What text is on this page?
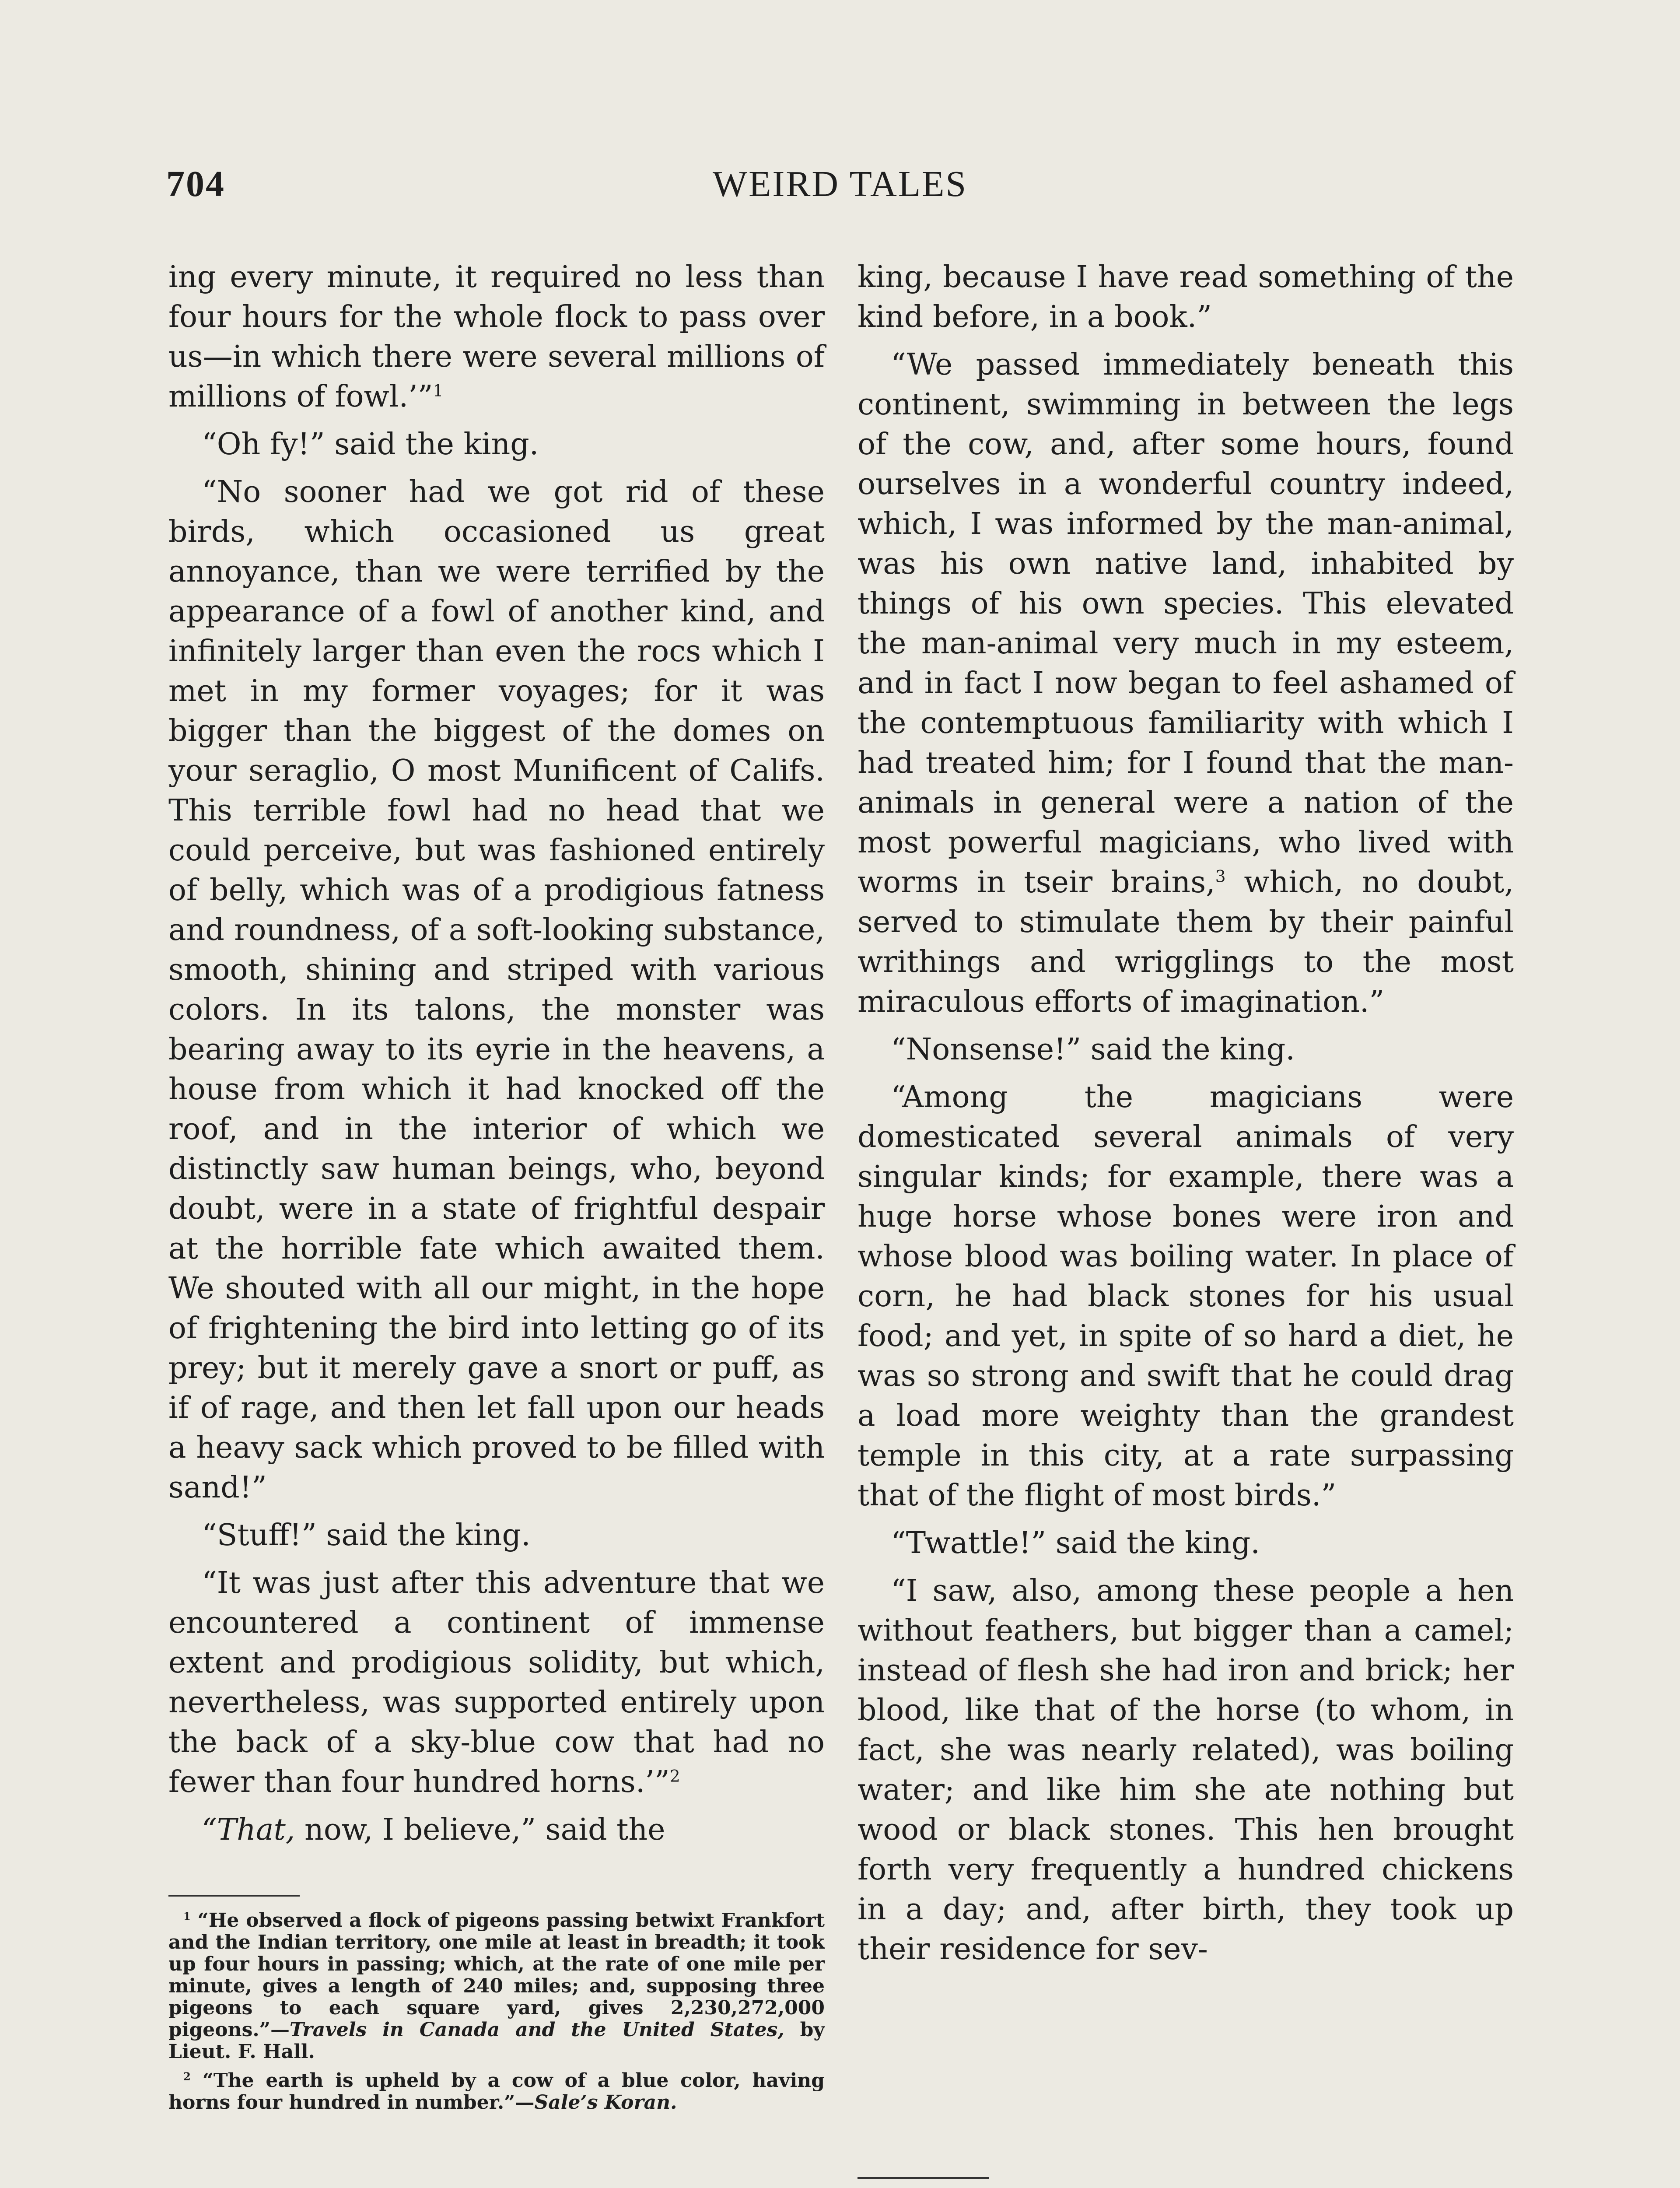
704	WEIRD TALES

ing every minute, it required no less than four hours for the whole flock to pass over us—in which there were several millions of millions of fowl.’”$^1$

“Oh fy!” said the king.

“No sooner had we got rid of these birds, which occasioned us great annoyance, than we were terrified by the appearance of a fowl of another kind, and infinitely larger than even the rocs which I met in my former voyages; for it was bigger than the biggest of the domes on your seraglio, O most Munificent of Califs. This terrible fowl had no head that we could perceive, but was fashioned entirely of belly, which was of a prodigious fatness and roundness, of a soft-looking substance, smooth, shining and striped with various colors. In its talons, the monster was bearing away to its eyrie in the heavens, a house from which it had knocked off the roof, and in the interior of which we distinctly saw human beings, who, beyond doubt, were in a state of frightful despair at the horrible fate which awaited them. We shouted with all our might, in the hope of frightening the bird into letting go of its prey; but it merely gave a snort or puff, as if of rage, and then let fall upon our heads a heavy sack which proved to be filled with sand!”

“Stuff!” said the king.

“It was just after this adventure that we encountered a continent of immense extent and prodigious solidity, but which, nevertheless, was supported entirely upon the back of a sky-blue cow that had no fewer than four hundred horns.’”$^2$

“That, now, I believe,” said the

king, because I have read something of the kind before, in a book.”

“We passed immediately beneath this continent, swimming in between the legs of the cow, and, after some hours, found ourselves in a wonderful country indeed, which, I was informed by the man-animal, was his own native land, inhabited by things of his own species. This elevated the man-animal very much in my esteem, and in fact I now began to feel ashamed of the contemptuous familiarity with which I had treated him; for I found that the man-animals in general were a nation of the most powerful magicians, who lived with worms in tseir brains,$^3$ which, no doubt, served to stimulate them by their painful writhings and wrigglings to the most miraculous efforts of imagination.”

“Nonsense!” said the king.

“Among the magicians were domesticated several animals of very singular kinds; for example, there was a huge horse whose bones were iron and whose blood was boiling water. In place of corn, he had black stones for his usual food; and yet, in spite of so hard a diet, he was so strong and swift that he could drag a load more weighty than the grandest temple in this city, at a rate surpassing that of the flight of most birds.”

“Twattle!” said the king.

“I saw, also, among these people a hen without feathers, but bigger than a camel; instead of flesh she had iron and brick; her blood, like that of the horse (to whom, in fact, she was nearly related), was boiling water; and like him she ate nothing but wood or black stones. This hen brought forth very frequently a hundred chickens in a day; and, after birth, they took up their residence for sev-

$^1$ “He observed a flock of pigeons passing betwixt Frankfort and the Indian territory, one mile at least in breadth; it took up four hours in passing; which, at the rate of one mile per minute, gives a length of 240 miles; and, supposing three pigeons to each square yard, gives 2,230,272,000 pigeons.”—Travels in Canada and the United States, by Lieut. F. Hall.

$^2$ “The earth is upheld by a cow of a blue color, having horns four hundred in number.”—Sale’s Koran.
